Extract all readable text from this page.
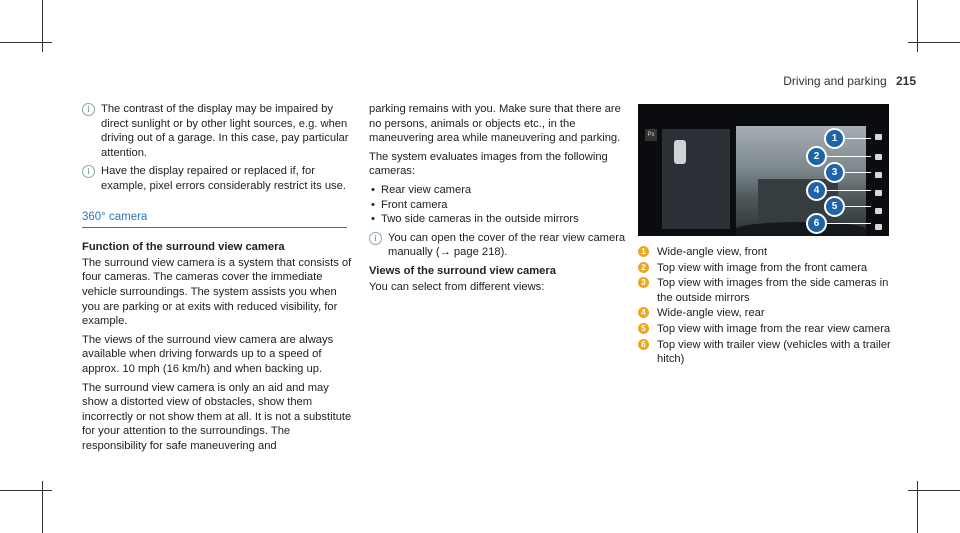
Driving and parking 215
i	The contrast of the display may be impaired by direct sunlight or by other light sources, e.g. when driving out of a garage. In this case, pay particular attention.
i	Have the display repaired or replaced if, for example, pixel errors considerably restrict its use.
360° camera
Function of the surround view camera

The surround view camera is a system that consists of four cameras. The cameras cover the immediate vehicle surroundings. The system assists you when you are parking or at exits with reduced visibility, for example.

The views of the surround view camera are always available when driving forwards up to a speed of approx. 10 mph (16 km/h) and when backing up.

The surround view camera is only an aid and may show a distorted view of obstacles, show them incorrectly or not show them at all. It is not a substitute for your attention to the surroundings. The responsibility for safe maneuvering and

parking remains with you. Make sure that there are no persons, animals or objects etc., in the maneuvering area while maneuvering and parking.

The system evaluates images from the following cameras:

• Rear view camera
• Front camera
• Two side cameras in the outside mirrors
i	You can open the cover of the rear view camera manually (→ page 218).
Views of the surround view camera

You can select from different views:

Px	1
2
3
4
5
6
1 Wide-angle view, front
2 Top view with image from the front camera
3 Top view with images from the side cameras in the outside mirrors
4 Wide-angle view, rear
5 Top view with image from the rear view camera
6 Top view with trailer view (vehicles with a trailer hitch)
